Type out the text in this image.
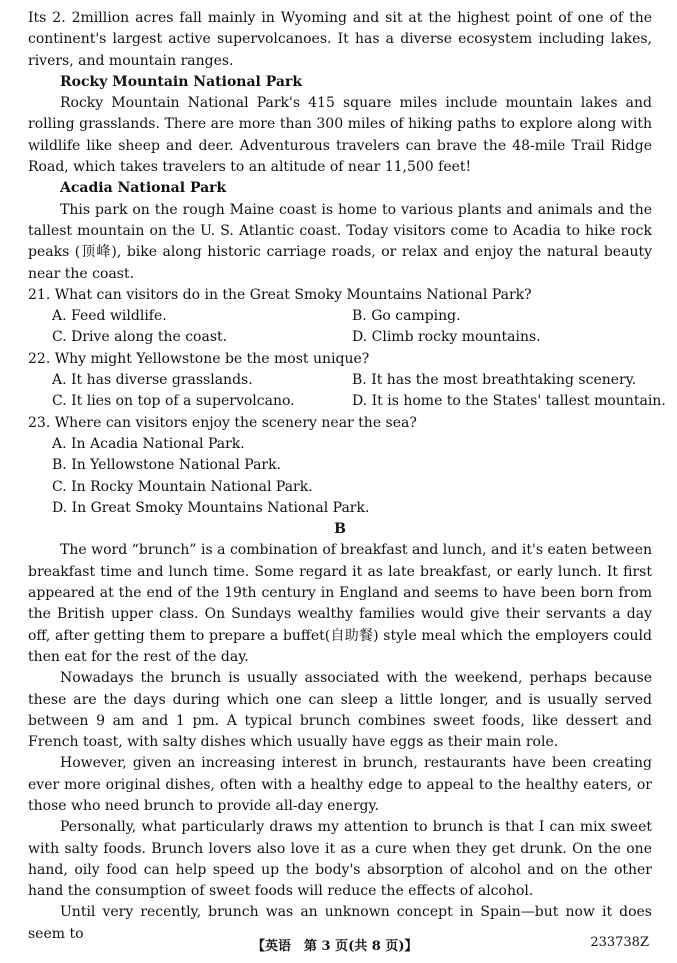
Its 2. 2million acres fall mainly in Wyoming and sit at the highest point of one of the continent's largest active supervolcanoes. It has a diverse ecosystem including lakes, rivers, and mountain ranges.

Rocky Mountain National Park

Rocky Mountain National Park's 415 square miles include mountain lakes and rolling grasslands. There are more than 300 miles of hiking paths to explore along with wildlife like sheep and deer. Adventurous travelers can brave the 48-mile Trail Ridge Road, which takes travelers to an altitude of near 11,500 feet!

Acadia National Park

This park on the rough Maine coast is home to various plants and animals and the tallest mountain on the U. S. Atlantic coast. Today visitors come to Acadia to hike rock peaks (顶峰), bike along historic carriage roads, or relax and enjoy the natural beauty near the coast.

21. What can visitors do in the Great Smoky Mountains National Park?
A. Feed wildlife.	B. Go camping.
C. Drive along the coast.	D. Climb rocky mountains.
22. Why might Yellowstone be the most unique?
A. It has diverse grasslands.	B. It has the most breathtaking scenery.
C. It lies on top of a supervolcano.	D. It is home to the States' tallest mountain.
23. Where can visitors enjoy the scenery near the sea?
A. In Acadia National Park.
B. In Yellowstone National Park.
C. In Rocky Mountain National Park.
D. In Great Smoky Mountains National Park.
B

The word “brunch” is a combination of breakfast and lunch, and it's eaten between breakfast time and lunch time. Some regard it as late breakfast, or early lunch. It first appeared at the end of the 19th century in England and seems to have been born from the British upper class. On Sundays wealthy families would give their servants a day off, after getting them to prepare a buffet(自助餐) style meal which the employers could then eat for the rest of the day.

Nowadays the brunch is usually associated with the weekend, perhaps because these are the days during which one can sleep a little longer, and is usually served between 9 am and 1 pm. A typical brunch combines sweet foods, like dessert and French toast, with salty dishes which usually have eggs as their main role.

However, given an increasing interest in brunch, restaurants have been creating ever more original dishes, often with a healthy edge to appeal to the healthy eaters, or those who need brunch to provide all-day energy.

Personally, what particularly draws my attention to brunch is that I can mix sweet with salty foods. Brunch lovers also love it as a cure when they get drunk. On the one hand, oily food can help speed up the body's absorption of alcohol and on the other hand the consumption of sweet foods will reduce the effects of alcohol.

Until very recently, brunch was an unknown concept in Spain—but now it does seem to

【英语　第 3 页(共 8 页)】	233738Z
